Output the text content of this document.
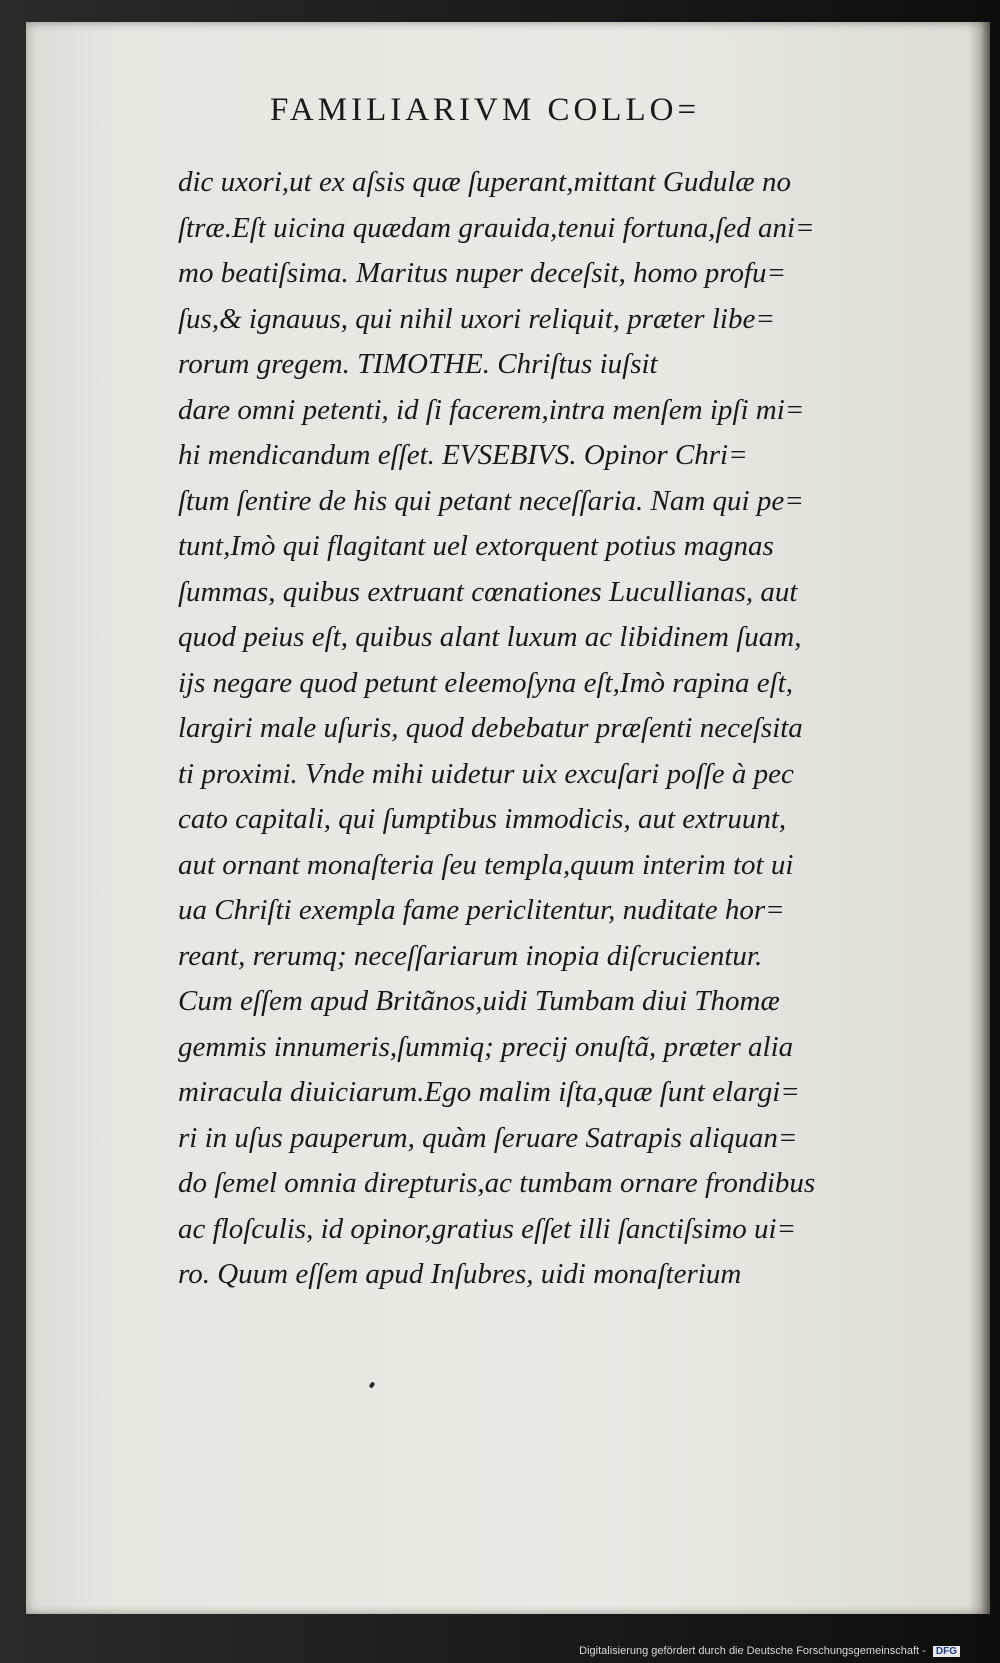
FAMILIARIVM COLLO=
dic uxori,ut ex aſsis quæ ſuperant,mittant Gudulæ no
ſtræ.Eſt uicina quædam grauida,tenui fortuna,ſed ani=
mo beatiſsima. Maritus nuper deceſsit, homo profu=
ſus,& ignauus, qui nihil uxori reliquit, præter libe=
rorum gregem. TIMOTHE. Chriſtus iuſsit
dare omni petenti, id ſi facerem,intra menſem ipſi mi=
hi mendicandum eſſet. EVSEBIVS. Opinor Chri=
ſtum ſentire de his qui petant neceſſaria. Nam qui pe=
tunt,Imò qui flagitant uel extorquent potius magnas
ſummas, quibus extruant cœnationes Lucullianas, aut
quod peius eſt, quibus alant luxum ac libidinem ſuam,
ijs negare quod petunt eleemoſyna eſt,Imò rapina eſt,
largiri male uſuris, quod debebatur præſenti neceſsita
ti proximi. Vnde mihi uidetur uix excuſari poſſe à pec
cato capitali, qui ſumptibus immodicis, aut extruunt,
aut ornant monaſteria ſeu templa,quum interim tot ui
ua Chriſti exempla fame periclitentur, nuditate hor=
reant, rerumq; neceſſariarum inopia diſcrucientur.
Cum eſſem apud Britãnos,uidi Tumbam diui Thomæ
gemmis innumeris,ſummiq; precij onuſtã, præter alia
miracula diuiciarum.Ego malim iſta,quæ ſunt elargi=
ri in uſus pauperum, quàm ſeruare Satrapis aliquan=
do ſemel omnia direpturis,ac tumbam ornare frondibus
ac floſculis, id opinor,gratius eſſet illi ſanctiſsimo ui=
ro. Quum eſſem apud Inſubres, uidi monaſterium
Digitalisierung gefördert durch die Deutsche Forschungsgemeinschaft - DFG
